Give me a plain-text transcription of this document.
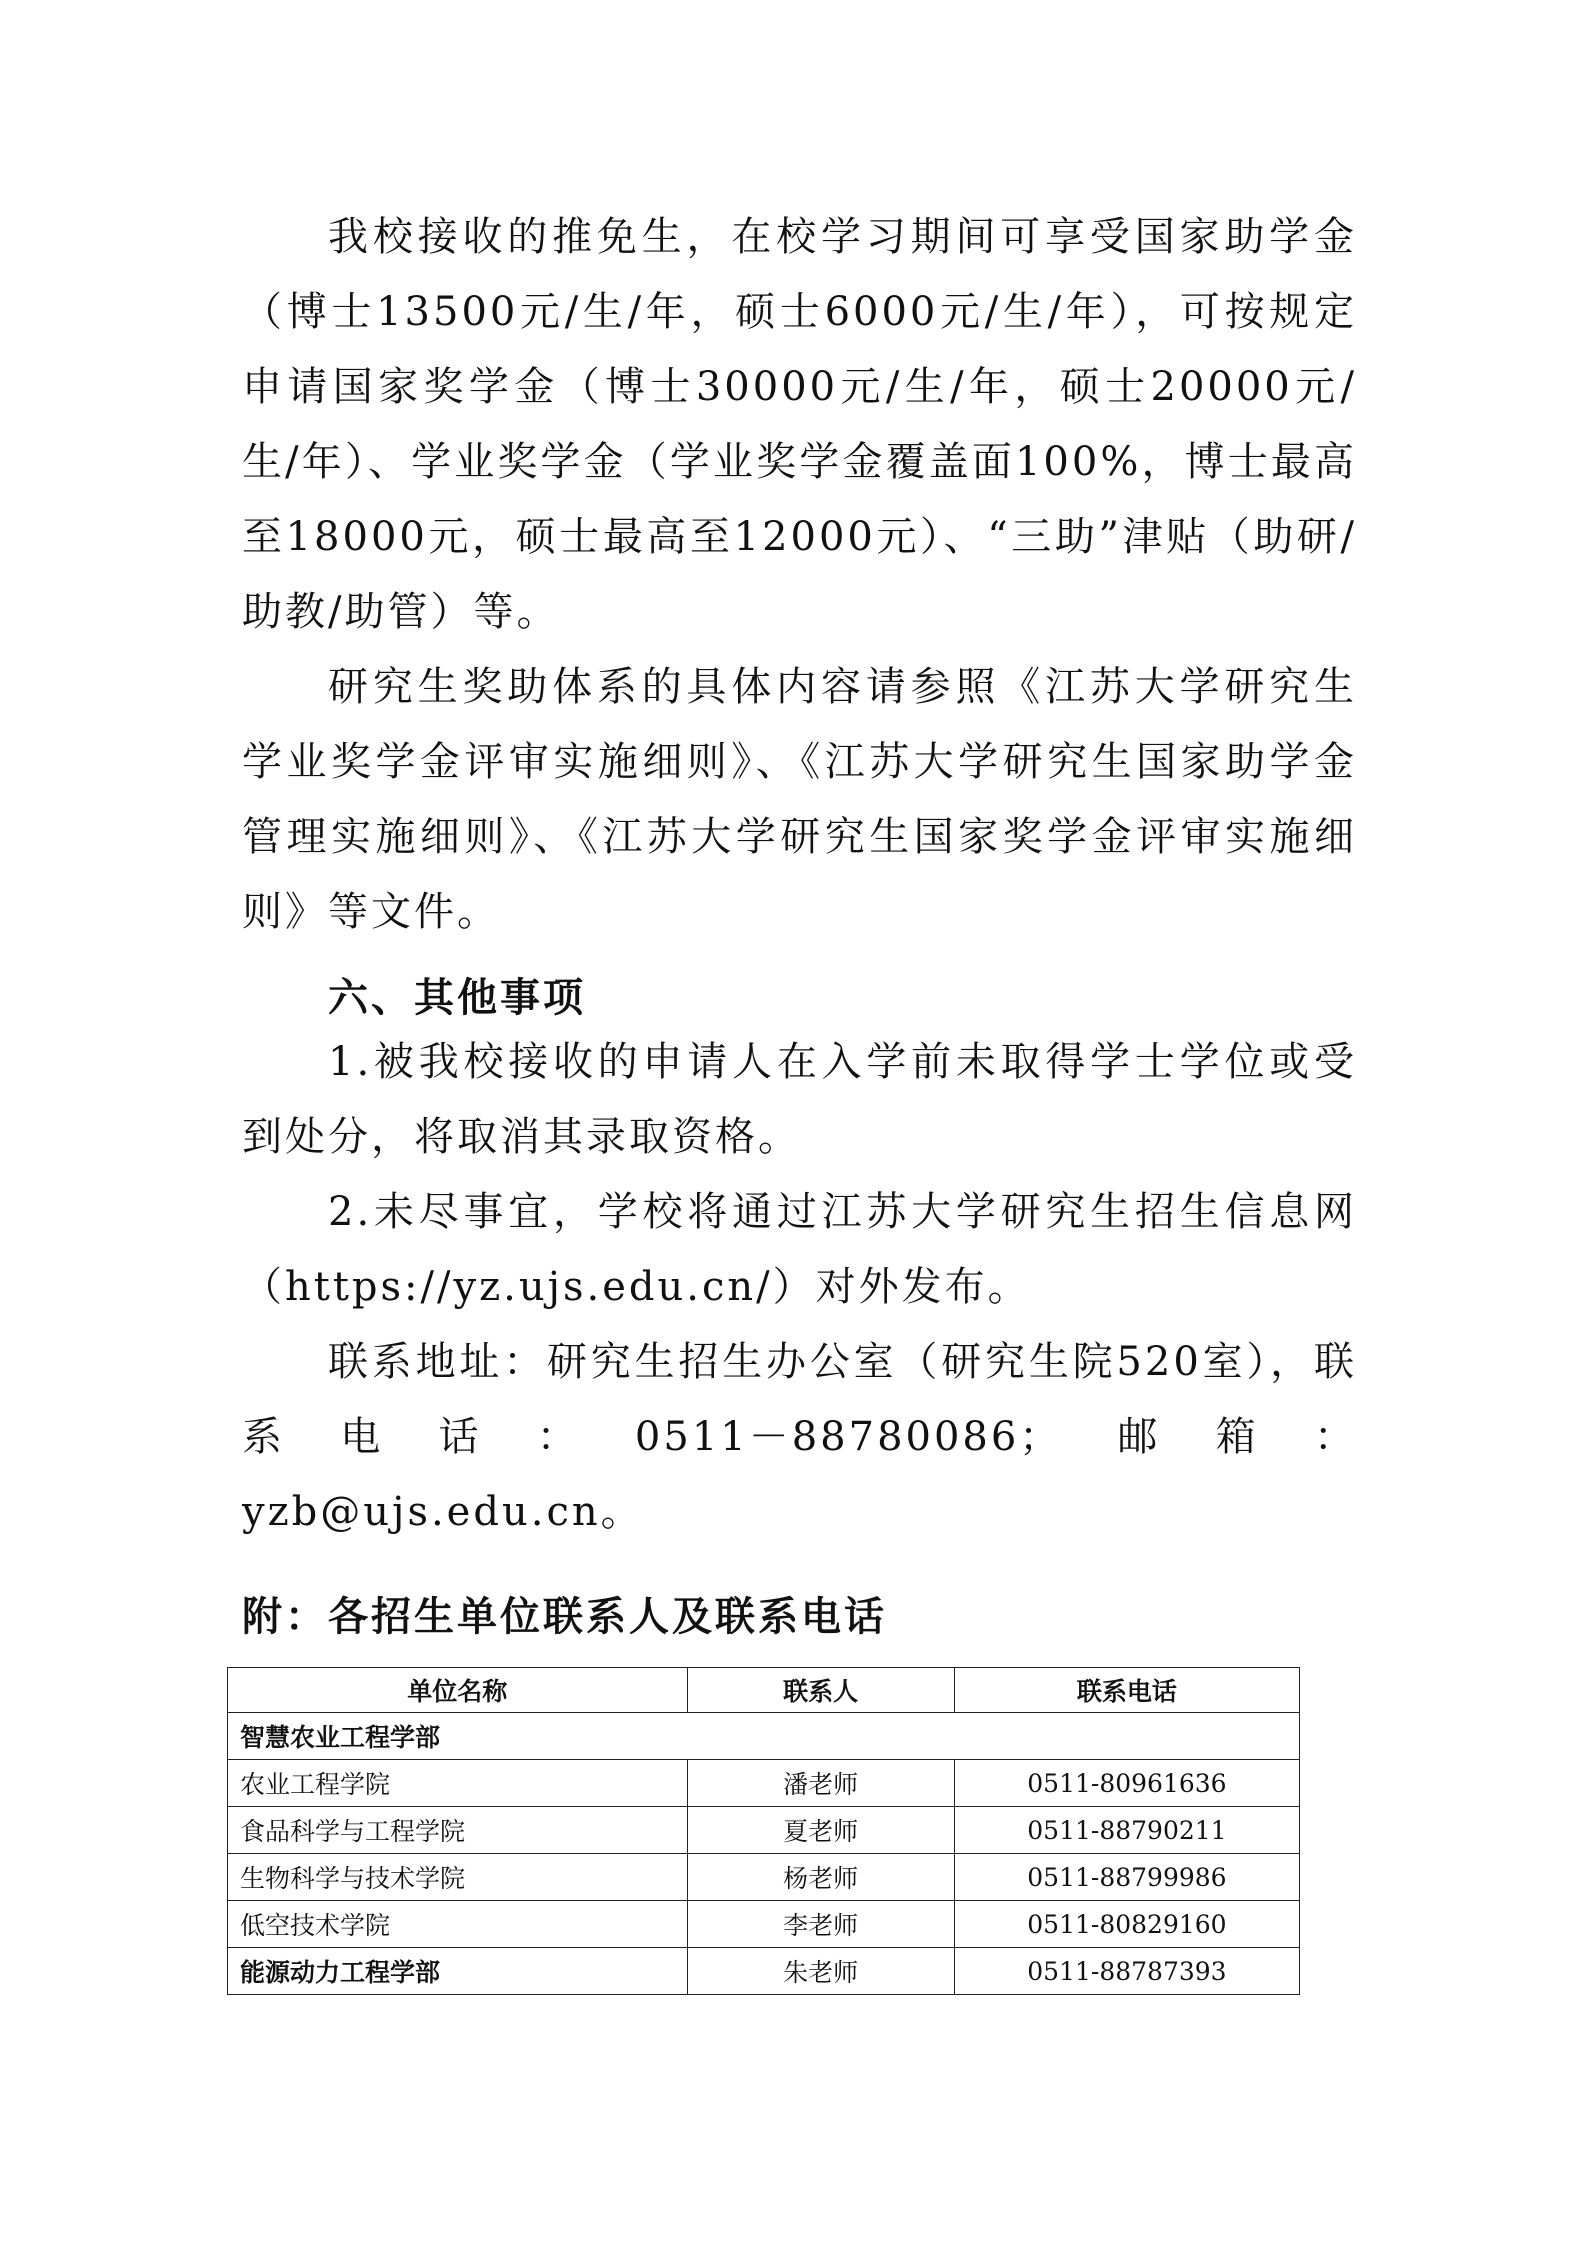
我校接收的推免生，在校学习期间可享受国家助学金（博士13500元/生/年，硕士6000元/生/年），可按规定申请国家奖学金（博士30000元/生/年，硕士20000元/生/年）、学业奖学金（学业奖学金覆盖面100%，博士最高至18000元，硕士最高至12000元）、“三助”津贴（助研/助教/助管）等。

研究生奖助体系的具体内容请参照《江苏大学研究生学业奖学金评审实施细则》、《江苏大学研究生国家助学金管理实施细则》、《江苏大学研究生国家奖学金评审实施细则》等文件。

六、其他事项

1.被我校接收的申请人在入学前未取得学士学位或受到处分，将取消其录取资格。

2.未尽事宜，学校将通过江苏大学研究生招生信息网（https://yz.ujs.edu.cn/）对外发布。

联系地址：研究生招生办公室（研究生院520室），联系电话：0511－88780086；邮箱：yzb@ujs.edu.cn。

附：各招生单位联系人及联系电话
单位名称	联系人	联系电话
智慧农业工程学部		
农业工程学院	潘老师	0511-80961636
食品科学与工程学院	夏老师	0511-88790211
生物科学与技术学院	杨老师	0511-88799986
低空技术学院	李老师	0511-80829160
能源动力工程学部	朱老师	0511-88787393
